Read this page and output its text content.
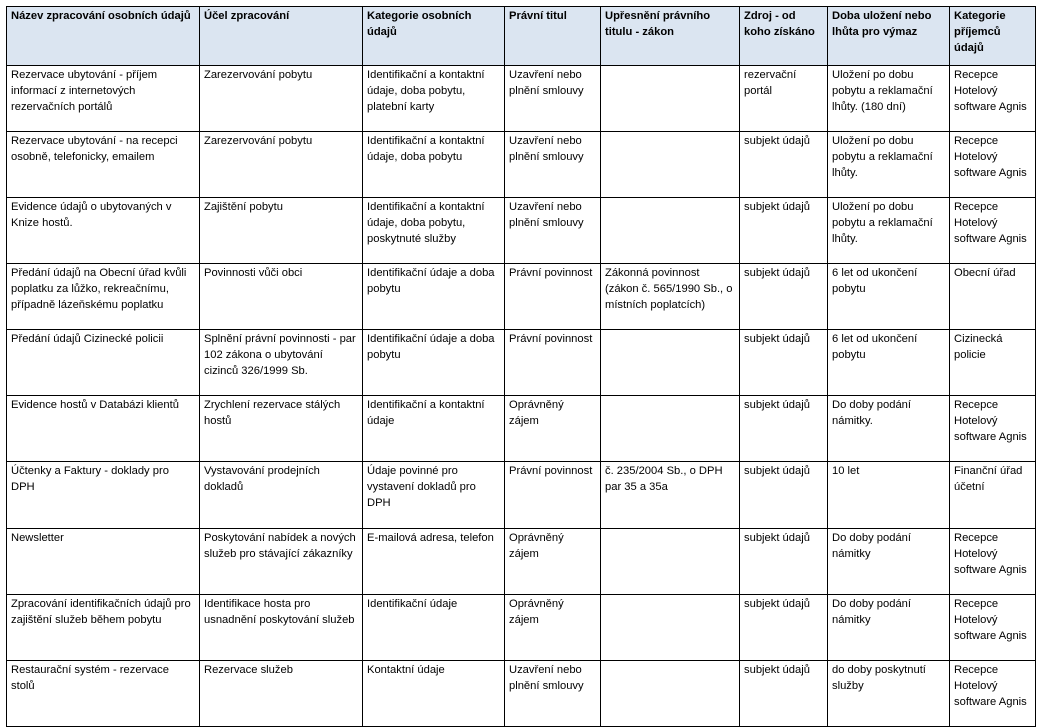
Název zpracování osobních údajů	Účel zpracování	Kategorie osobních údajů	Právní titul	Upřesnění právního titulu - zákon	Zdroj - od koho získáno	Doba uložení nebo lhůta pro výmaz	Kategorie příjemců údajů
Rezervace ubytování - příjem informací z internetových rezervačních portálů	Zarezervování pobytu	Identifikační a kontaktní údaje, doba pobytu, platební karty	Uzavření nebo plnění smlouvy		rezervační portál	Uložení po dobu pobytu a reklamační lhůty. (180 dní)	Recepce Hotelový software Agnis
Rezervace ubytování - na recepci osobně, telefonicky, emailem	Zarezervování pobytu	Identifikační a kontaktní údaje, doba pobytu	Uzavření nebo plnění smlouvy		subjekt údajů	Uložení po dobu pobytu a reklamační lhůty.	Recepce Hotelový software Agnis
Evidence údajů o ubytovaných v Knize hostů.	Zajištění pobytu	Identifikační a kontaktní údaje, doba pobytu, poskytnuté služby	Uzavření nebo plnění smlouvy		subjekt údajů	Uložení po dobu pobytu a reklamační lhůty.	Recepce Hotelový software Agnis
Předání údajů na Obecní úřad kvůli poplatku za lůžko, rekreačnímu, případně lázeňskému poplatku	Povinnosti vůči obci	Identifikační údaje a doba pobytu	Právní povinnost	Zákonná povinnost (zákon č. 565/1990 Sb., o místních poplatcích)	subjekt údajů	6 let od ukončení pobytu	Obecní úřad
Předání údajů Cizinecké policii	Splnění právní povinnosti - par 102 zákona o ubytování cizinců 326/1999 Sb.	Identifikační údaje a doba pobytu	Právní povinnost		subjekt údajů	6 let od ukončení pobytu	Cizinecká policie
Evidence hostů v Databázi klientů	Zrychlení rezervace stálých hostů	Identifikační a kontaktní údaje	Oprávněný zájem		subjekt údajů	Do doby podání námitky.	Recepce Hotelový software Agnis
Účtenky a Faktury - doklady pro DPH	Vystavování prodejních dokladů	Údaje povinné pro vystavení dokladů pro DPH	Právní povinnost	č. 235/2004 Sb., o DPH par 35 a 35a	subjekt údajů	10 let	Finanční úřad účetní
Newsletter	Poskytování nabídek a nových služeb pro stávající zákazníky	E-mailová adresa, telefon	Oprávněný zájem		subjekt údajů	Do doby podání námitky	Recepce Hotelový software Agnis
Zpracování identifikačních údajů pro zajištění služeb během pobytu	Identifikace hosta pro usnadnění poskytování služeb	Identifikační údaje	Oprávněný zájem		subjekt údajů	Do doby podání námitky	Recepce Hotelový software Agnis
Restaurační systém - rezervace stolů	Rezervace služeb	Kontaktní údaje	Uzavření nebo plnění smlouvy		subjekt údajů	do doby poskytnutí služby	Recepce Hotelový software Agnis
